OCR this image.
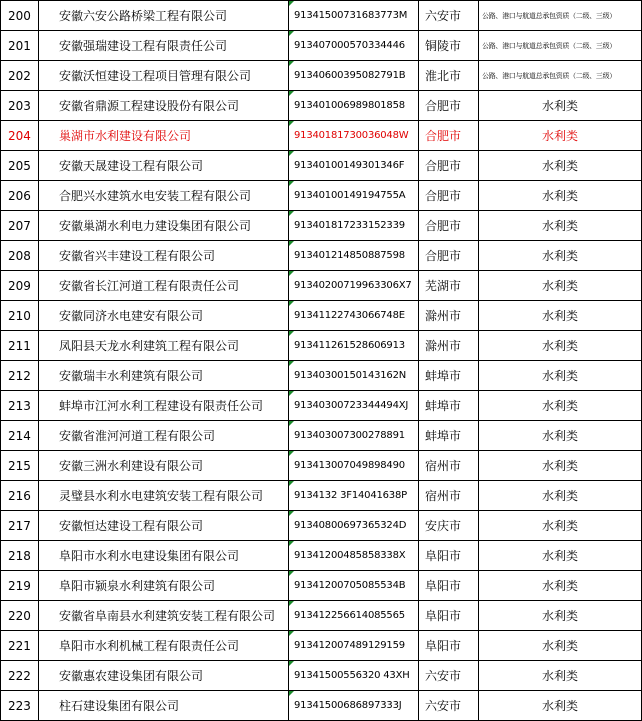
200	安徽六安公路桥梁工程有限公司	91341500731683773M	六安市	公路、港口与航道总承包资质（二级、三级）
201	安徽强瑞建设工程有限责任公司	913407000570334446	铜陵市	公路、港口与航道总承包资质（二级、三级）
202	安徽沃恒建设工程项目管理有限公司	91340600395082791B	淮北市	公路、港口与航道总承包资质（二级、三级）
203	安徽省鼎源工程建设股份有限公司	913401006989801858	合肥市	水利类
204	巢湖市水利建设有限公司	91340181730036048W	合肥市	水利类
205	安徽天晟建设工程有限公司	91340100149301346F	合肥市	水利类
206	合肥兴水建筑水电安装工程有限公司	91340100149194755A	合肥市	水利类
207	安徽巢湖水利电力建设集团有限公司	913401817233152339	合肥市	水利类
208	安徽省兴丰建设工程有限公司	913401214850887598	合肥市	水利类
209	安徽省长江河道工程有限责任公司	91340200719963306X7	芜湖市	水利类
210	安徽同济水电建安有限公司	91341122743066748E	滁州市	水利类
211	凤阳县天龙水利建筑工程有限公司	913411261528606913	滁州市	水利类
212	安徽瑞丰水利建筑有限公司	91340300150143162N	蚌埠市	水利类
213	蚌埠市江河水利工程建设有限责任公司	91340300723344494XJ	蚌埠市	水利类
214	安徽省淮河河道工程有限公司	913403007300278891	蚌埠市	水利类
215	安徽三洲水利建设有限公司	913413007049898490	宿州市	水利类
216	灵璧县水利水电建筑安装工程有限公司	9134132 3F14041638P	宿州市	水利类
217	安徽恒达建设工程有限公司	91340800697365324D	安庆市	水利类
218	阜阳市水利水电建设集团有限公司	91341200485858338X	阜阳市	水利类
219	阜阳市颍泉水利建筑有限公司	91341200705085534B	阜阳市	水利类
220	安徽省阜南县水利建筑安装工程有限公司	913412256614085565	阜阳市	水利类
221	阜阳市水利机械工程有限责任公司	913412007489129159	阜阳市	水利类
222	安徽惠农建设集团有限公司	91341500556320 43XH	六安市	水利类
223	柱石建设集团有限公司	91341500686897333J	六安市	水利类
